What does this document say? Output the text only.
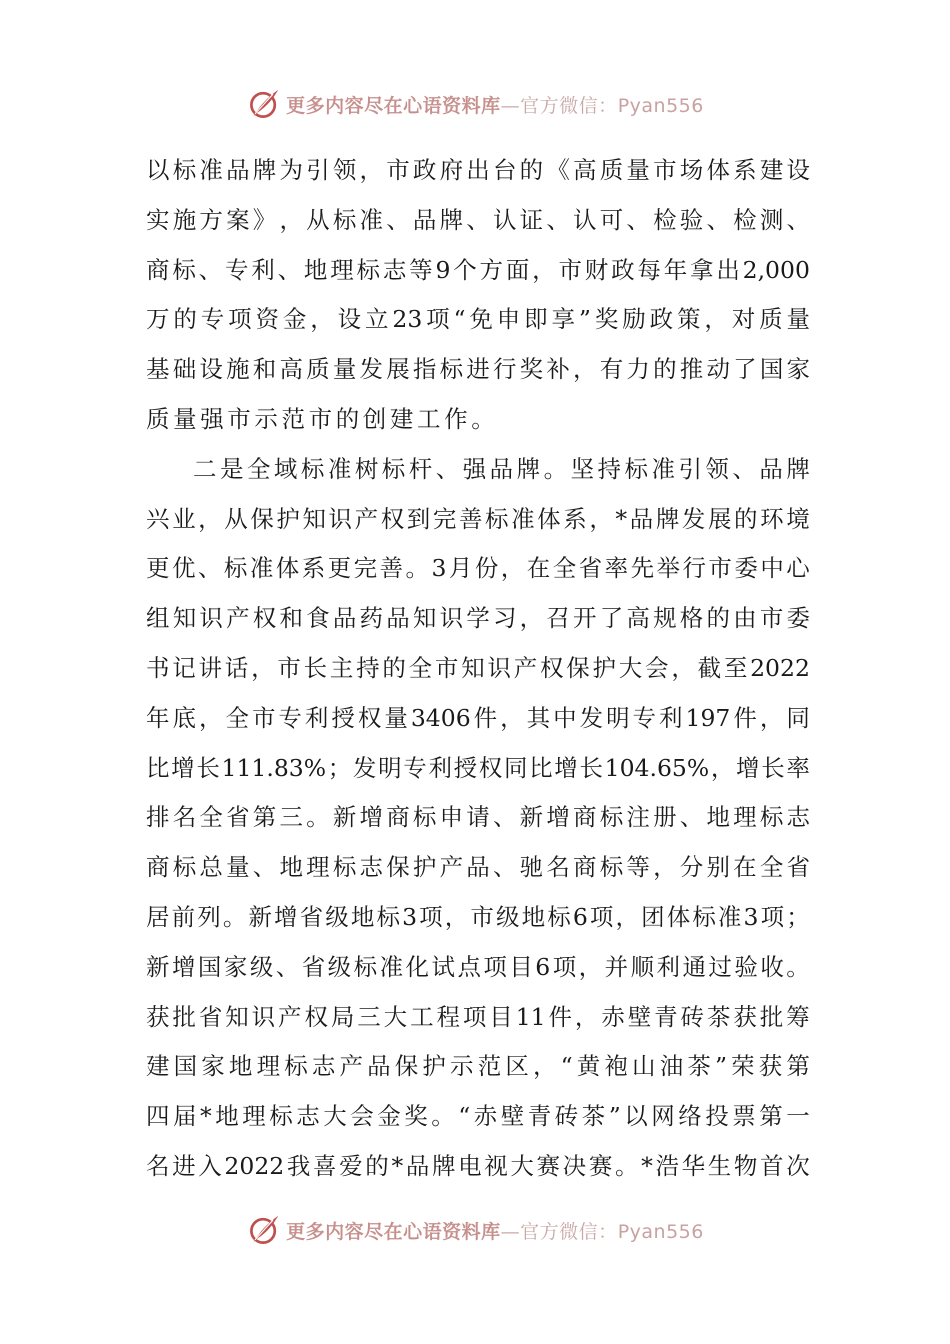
更多内容尽在心语资料库—官方微信：Pyan556
以 标 准 品 牌 为 引 领 ， 市 政 府 出 台 的 《 高 质 量 市 场 体 系 建 设
实 施 方 案 》 ， 从 标 准 、 品 牌 、 认 证 、 认 可 、 检 验 、 检 测 、
商 标 、 专 利 、 地 理 标 志 等 9 个 方 面 ， 市 财 政 每 年 拿 出 2,000
万 的 专 项 资 金 ， 设 立 23 项 “ 免 申 即 享 ” 奖 励 政 策 ， 对 质 量
基 础 设 施 和 高 质 量 发 展 指 标 进 行 奖 补 ， 有 力 的 推 动 了 国 家
质量强市示范市的创建工作。
二 是 全 域 标 准 树 标 杆 、 强 品 牌 。 坚 持 标 准 引 领 、 品 牌
兴 业 ， 从 保 护 知 识 产 权 到 完 善 标 准 体 系 ， * 品 牌 发 展 的 环 境
更 优 、 标 准 体 系 更 完 善 。 3 月 份 ， 在 全 省 率 先 举 行 市 委 中 心
组 知 识 产 权 和 食 品 药 品 知 识 学 习 ， 召 开 了 高 规 格 的 由 市 委
书 记 讲 话 ， 市 长 主 持 的 全 市 知 识 产 权 保 护 大 会 ， 截 至 2022
年 底 ， 全 市 专 利 授 权 量 3406 件 ， 其 中 发 明 专 利 197 件 ， 同
比 增 长 111.83% ； 发 明 专 利 授 权 同 比 增 长 104.65% ， 增 长 率
排 名 全 省 第 三 。 新 增 商 标 申 请 、 新 增 商 标 注 册 、 地 理 标 志
商 标 总 量 、 地 理 标 志 保 护 产 品 、 驰 名 商 标 等 ， 分 别 在 全 省
居 前 列 。 新 增 省 级 地 标 3 项 ， 市 级 地 标 6 项 ， 团 体 标 准 3 项 ；
新 增 国 家 级 、 省 级 标 准 化 试 点 项 目 6 项 ， 并 顺 利 通 过 验 收 。
获 批 省 知 识 产 权 局 三 大 工 程 项 目 11 件 ， 赤 壁 青 砖 茶 获 批 筹
建 国 家 地 理 标 志 产 品 保 护 示 范 区 ， “ 黄 袍 山 油 茶 ” 荣 获 第
四 届 * 地 理 标 志 大 会 金 奖 。 “ 赤 壁 青 砖 茶 ” 以 网 络 投 票 第 一
名 进 入 2022 我 喜 爱 的 * 品 牌 电 视 大 赛 决 赛 。 * 浩 华 生 物 首 次
更多内容尽在心语资料库—官方微信：Pyan556
